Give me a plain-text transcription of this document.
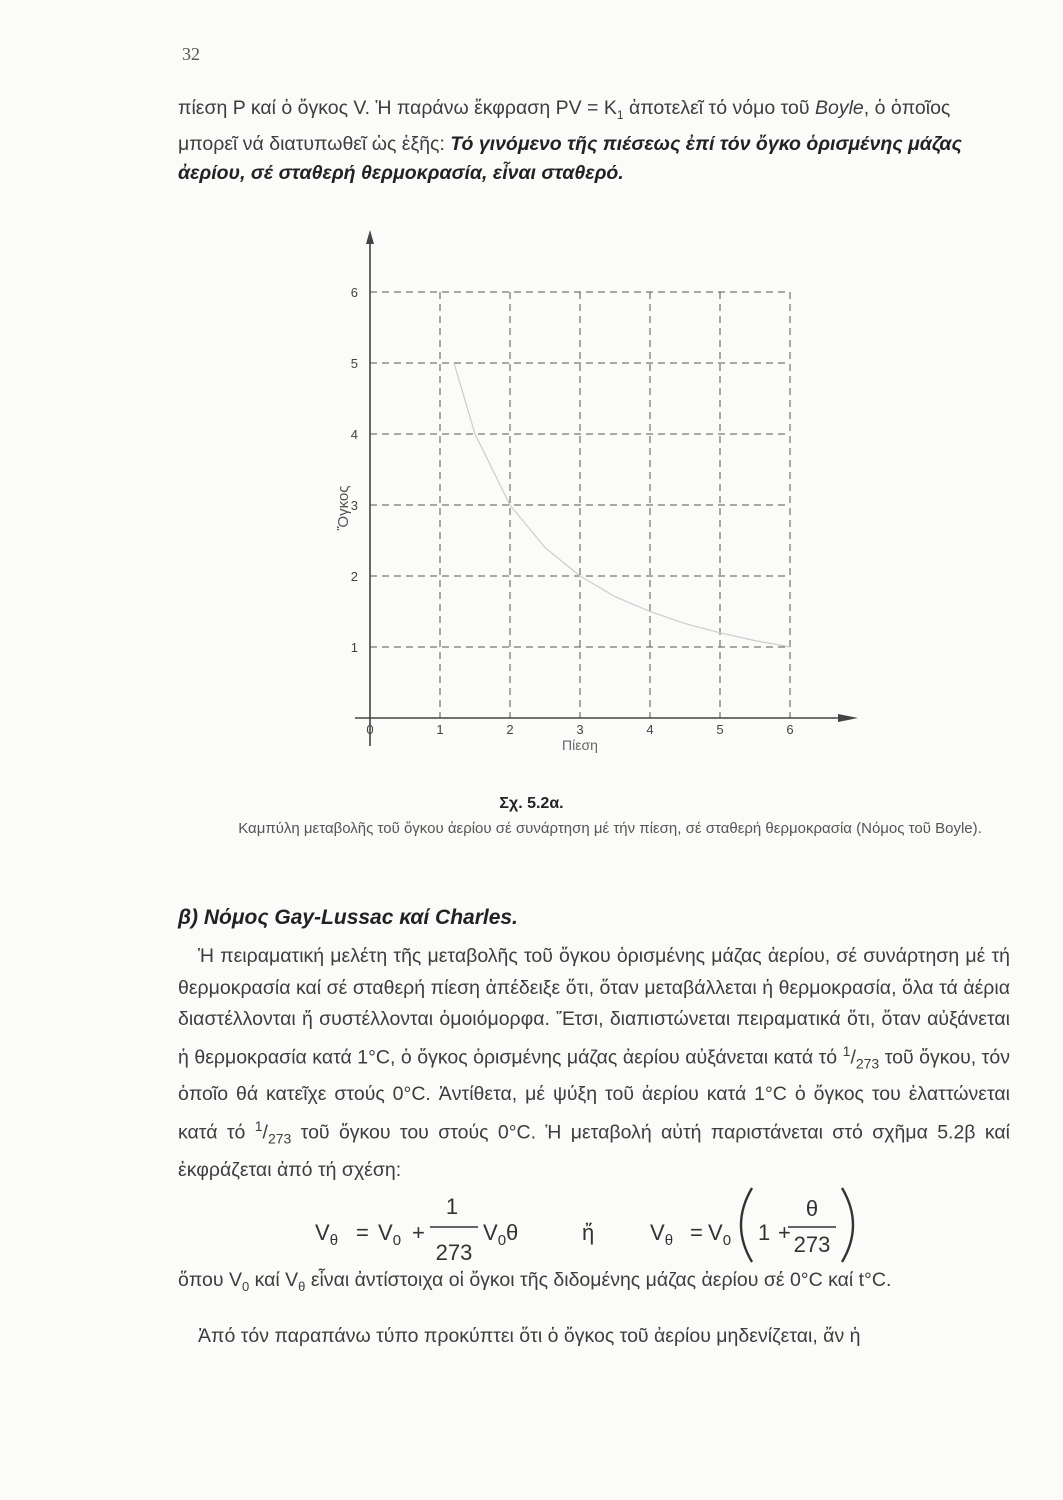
32
πίεση P καί ὁ ὄγκος V. Ἡ παράνω ἔκφραση PV = $K_1$ ἀποτελεῖ τό νόμο τοῦ Boyle, ὁ ὁποῖος μπορεῖ νά διατυπωθεῖ ὡς ἑξῆς: Τό γινόμενο τῆς πιέσεως ἐπί τόν ὄγκο ὁρισμένης μάζας ἀερίου, σέ σταθερή θερμοκρασία, εἶναι σταθερό.
0	1	2	3	4	5	6
1
2
3
4
5
6
Ὄγκος
Πίεση
Σχ. 5.2α.
Καμπύλη μεταβολῆς τοῦ ὄγκου ἀερίου σέ συνάρτηση μέ τήν πίεση, σέ σταθερή θερμοκρασία (Νόμος τοῦ Boyle).
β) Νόμος Gay-Lussac καί Charles.
Ἡ πειραματική μελέτη τῆς μεταβολῆς τοῦ ὄγκου ὁρισμένης μάζας ἀερίου, σέ συνάρτηση μέ τή θερμοκρασία καί σέ σταθερή πίεση ἀπέδειξε ὅτι, ὅταν μεταβάλλεται ἡ θερμοκρασία, ὅλα τά ἀέρια διαστέλλονται ἤ συστέλλονται ὁμοιόμορφα. Ἔτσι, διαπιστώνεται πειραματικά ὅτι, ὅταν αὐξάνεται ἡ θερμοκρασία κατά 1°C, ὁ ὄγκος ὁρισμένης μάζας ἀερίου αὐξάνεται κατά τό $^1/_{273}$ τοῦ ὄγκου, τόν ὁποῖο θά κατεῖχε στούς 0°C. Ἀντίθετα, μέ ψύξη τοῦ ἀερίου κατά 1°C ὁ ὄγκος του ἐλαττώνεται κατά τό $^1/_{273}$ τοῦ ὄγκου του στούς 0°C. Ἡ μεταβολή αὐτή παριστάνεται στό σχῆμα 5.2β καί ἐκφράζεται ἀπό τή σχέση:
$V_\theta = V_0$ +
1
273
$V_0\theta$	ἤ	$V_\theta = V_0$ 1 +
θ
273
ὅπου $V_0$ καί $V_\theta$ εἶναι ἀντίστοιχα οἱ ὄγκοι τῆς διδομένης μάζας ἀερίου σέ 0°C καί t°C.
Ἀπό τόν παραπάνω τύπο προκύπτει ὅτι ὁ ὄγκος τοῦ ἀερίου μηδενίζεται, ἄν ἡ
